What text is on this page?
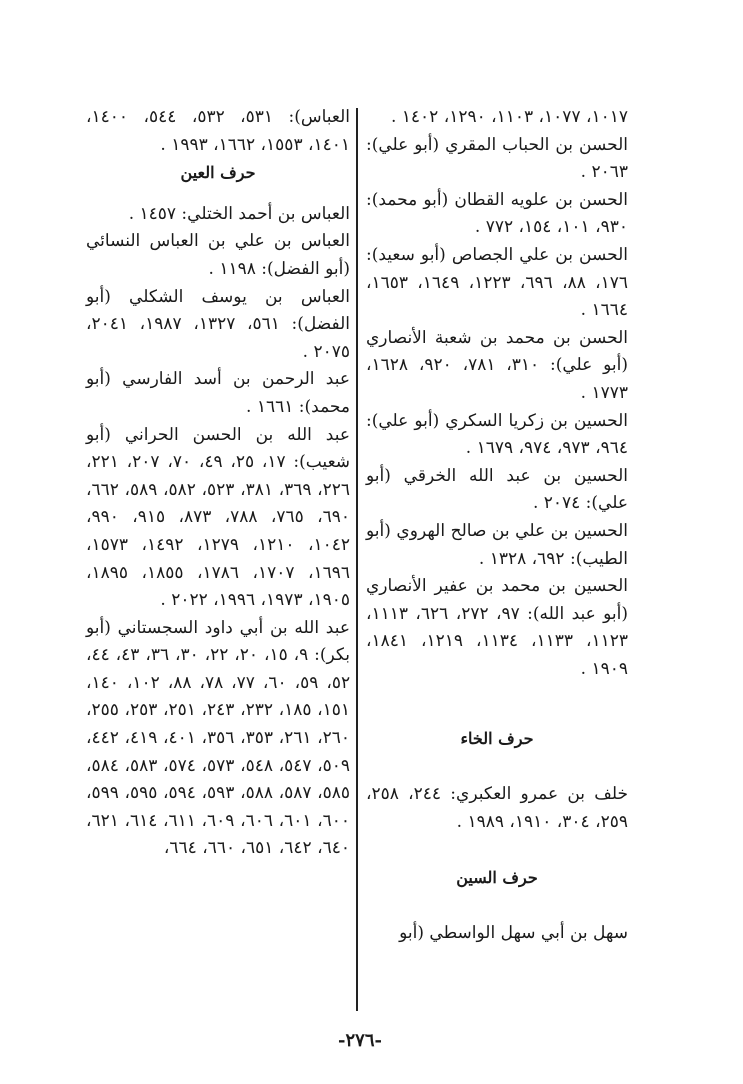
١٠١٧، ١٠٧٧، ١١٠٣، ١٢٩٠، ١٤٠٢ .

الحسن بن الحباب المقري (أبو علي): ٢٠٦٣ .

الحسن بن علويه القطان (أبو محمد): ٩٣٠، ١٠١، ١٥٤، ٧٧٢ .

الحسن بن علي الجصاص (أبو سعيد): ١٧٦، ٨٨، ٦٩٦، ١٢٢٣، ١٦٤٩، ١٦٥٣، ١٦٦٤ .

الحسن بن محمد بن شعبة الأنصاري (أبو علي): ٣١٠، ٧٨١، ٩٢٠، ١٦٢٨، ١٧٧٣ .

الحسين بن زكريا السكري (أبو علي): ٩٦٤، ٩٧٣، ٩٧٤، ١٦٧٩ .

الحسين بن عبد الله الخرقي (أبو علي): ٢٠٧٤ .

الحسين بن علي بن صالح الهروي (أبو الطيب): ٦٩٢، ١٣٢٨ .

الحسين بن محمد بن عفير الأنصاري (أبو عبد الله): ٩٧، ٢٧٢، ٦٢٦، ١١١٣، ١١٢٣، ١١٣٣، ١١٣٤، ١٢١٩، ١٨٤١، ١٩٠٩ .

حرف الخاء

خلف بن عمرو العكبري: ٢٤٤، ٢٥٨، ٢٥٩، ٣٠٤، ١٩١٠، ١٩٨٩ .

حرف السين

سهل بن أبي سهل الواسطي (أبو

العباس): ٥٣١، ٥٣٢، ٥٤٤، ١٤٠٠، ١٤٠١، ١٥٥٣، ١٦٦٢، ١٩٩٣ .

حرف العين

العباس بن أحمد الختلي: ١٤٥٧ .

العباس بن علي بن العباس النسائي (أبو الفضل): ١١٩٨ .

العباس بن يوسف الشكلي (أبو الفضل): ٥٦١، ١٣٢٧، ١٩٨٧، ٢٠٤١، ٢٠٧٥ .

عبد الرحمن بن أسد الفارسي (أبو محمد): ١٦٦١ .

عبد الله بن الحسن الحراني (أبو شعيب): ١٧، ٢٥، ٤٩، ٧٠، ٢٠٧، ٢٢١، ٢٢٦، ٣٦٩، ٣٨١، ٥٢٣، ٥٨٢، ٥٨٩، ٦٦٢، ٦٩٠، ٧٦٥، ٧٨٨، ٨٧٣، ٩١٥، ٩٩٠، ١٠٤٢، ١٢١٠، ١٢٧٩، ١٤٩٢، ١٥٧٣، ١٦٩٦، ١٧٠٧، ١٧٨٦، ١٨٥٥، ١٨٩٥، ١٩٠٥، ١٩٧٣، ١٩٩٦، ٢٠٢٢ .

عبد الله بن أبي داود السجستاني (أبو بكر): ٩، ١٥، ٢٠، ٢٢، ٣٠، ٣٦، ٤٣، ٤٤، ٥٢، ٥٩، ٦٠، ٧٧، ٧٨، ٨٨، ١٠٢، ١٤٠، ١٥١، ١٨٥، ٢٣٢، ٢٤٣، ٢٥١، ٢٥٣، ٢٥٥، ٢٦٠، ٢٦١، ٣٥٣، ٣٥٦، ٤٠١، ٤١٩، ٤٤٢، ٥٠٩، ٥٤٧، ٥٤٨، ٥٧٣، ٥٧٤، ٥٨٣، ٥٨٤، ٥٨٥، ٥٨٧، ٥٨٨، ٥٩٣، ٥٩٤، ٥٩٥، ٥٩٩، ٦٠٠، ٦٠١، ٦٠٦، ٦٠٩، ٦١١، ٦١٤، ٦٢١، ٦٤٠، ٦٤٢، ٦٥١، ٦٦٠، ٦٦٤،

-٢٧٦-
